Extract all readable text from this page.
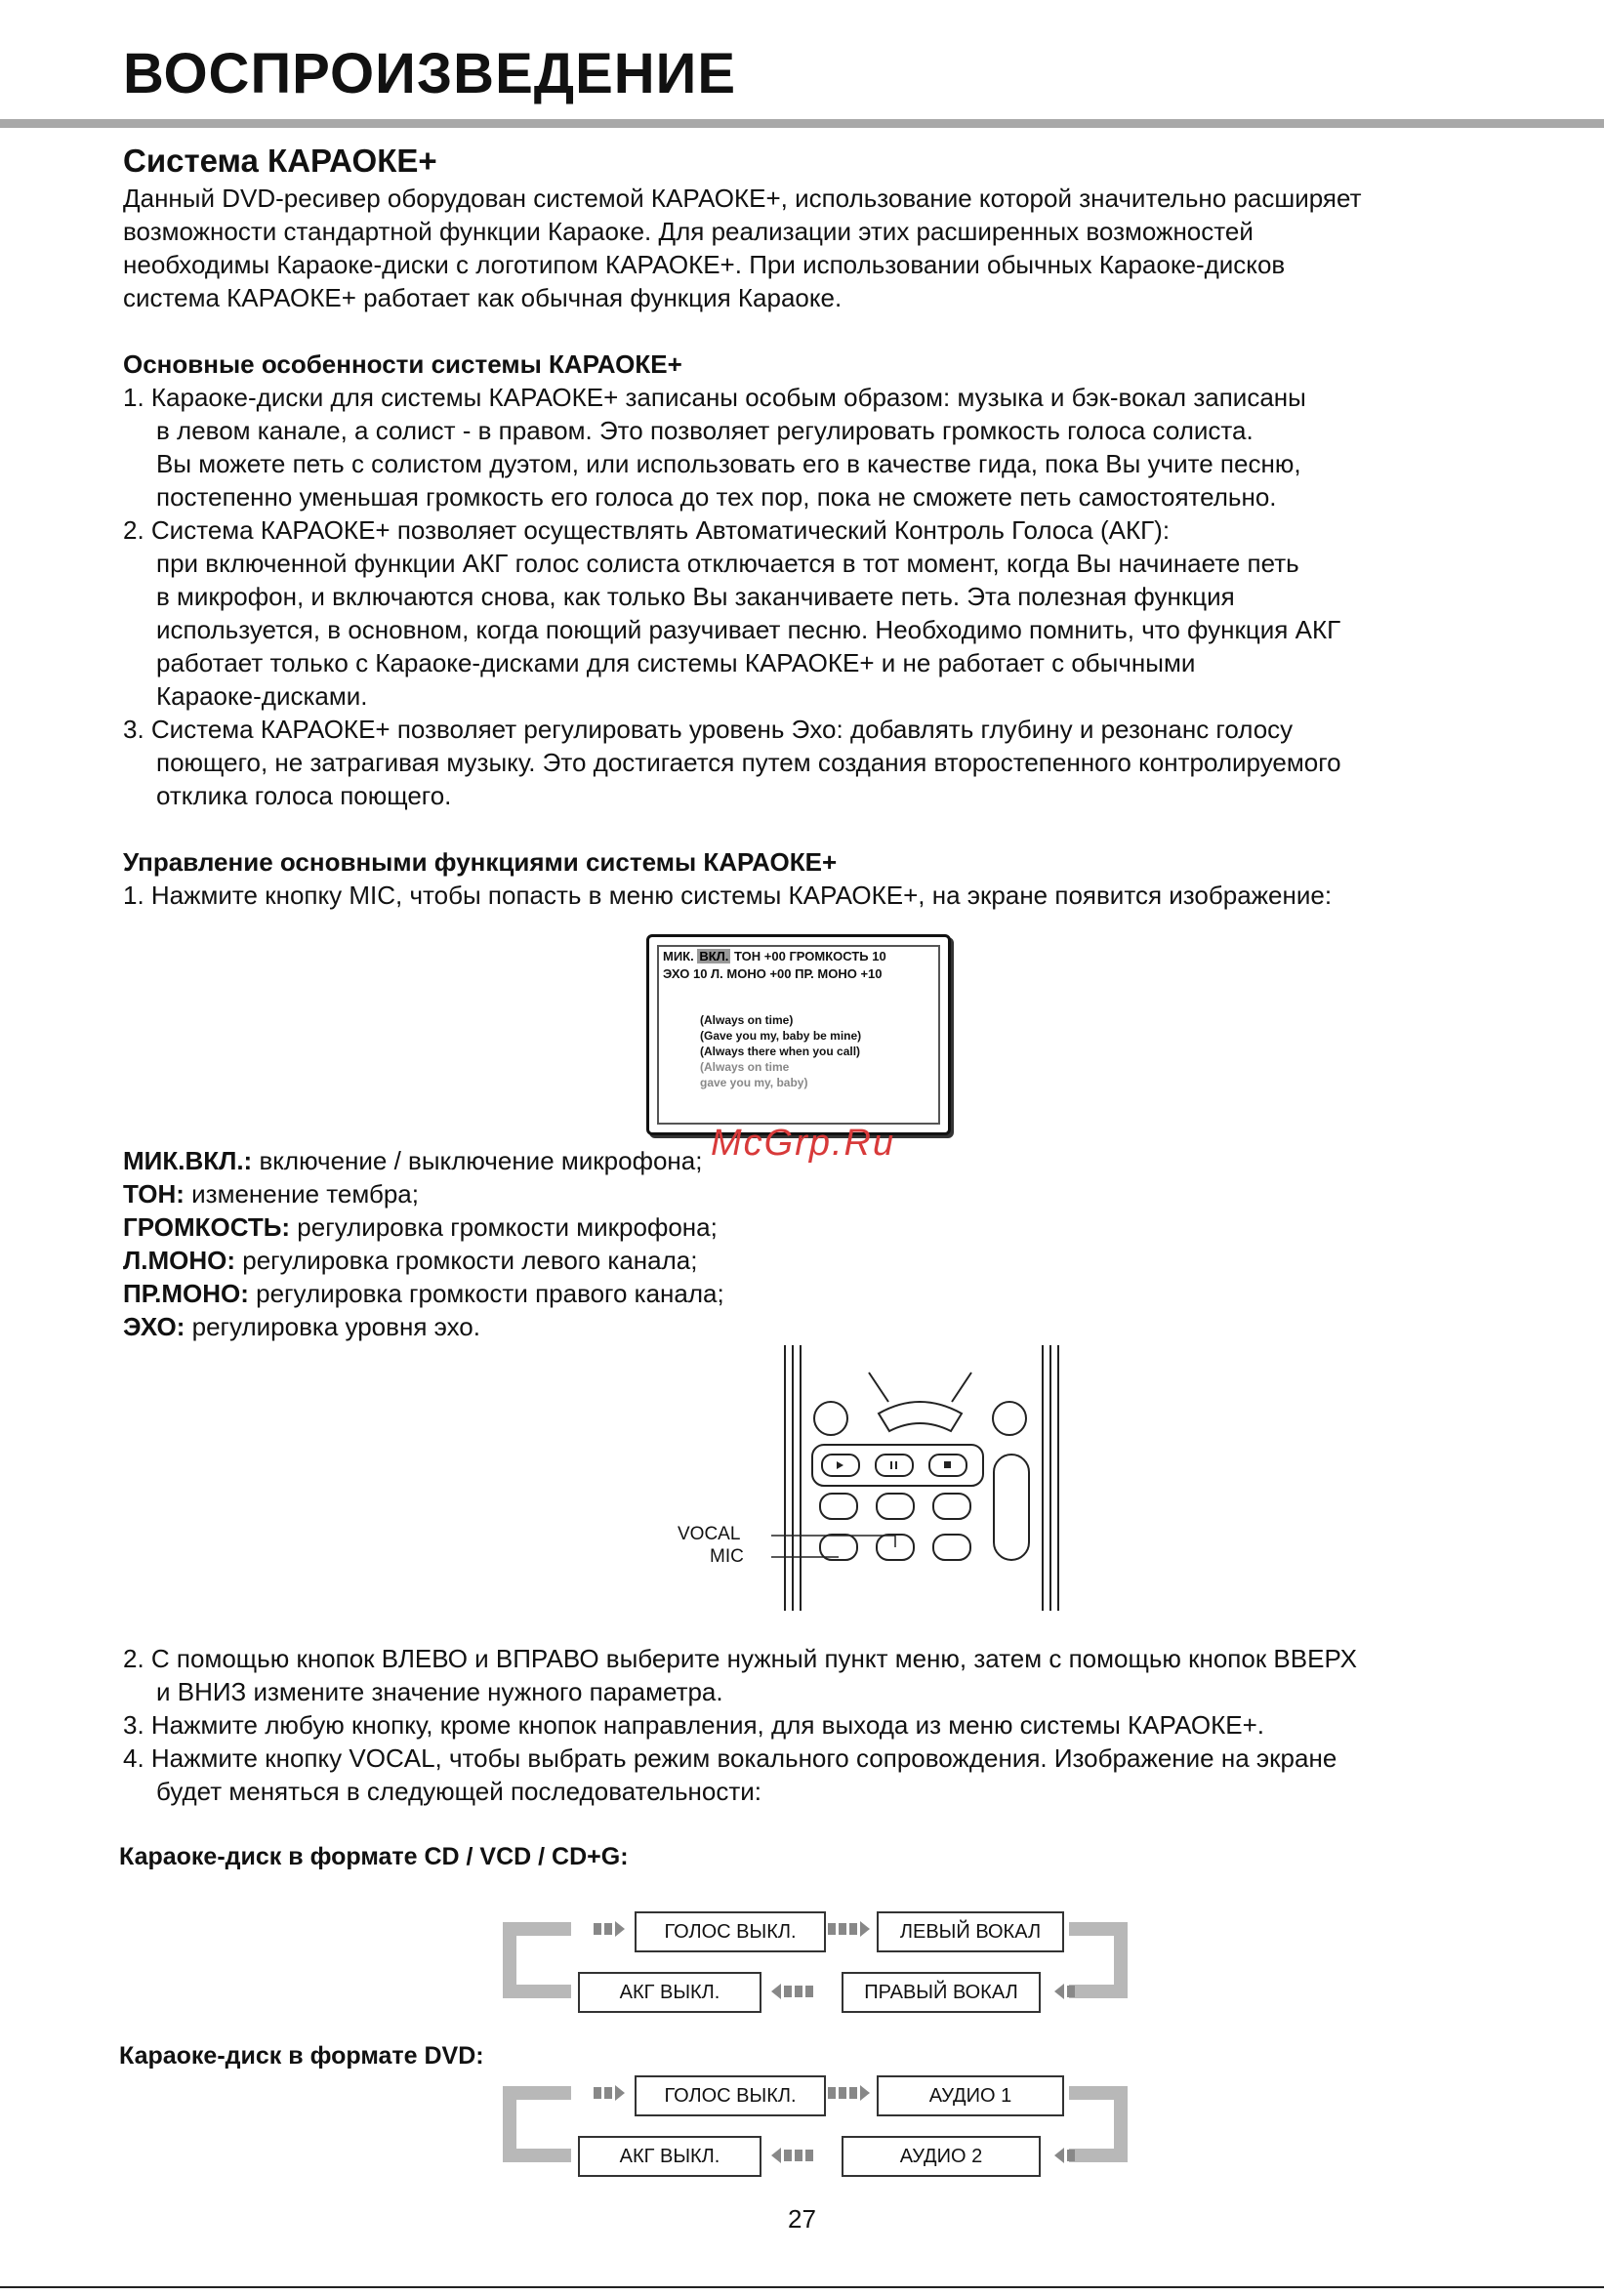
ВОСПРОИЗВЕДЕНИЕ
Система КАРАОКЕ+
Данный DVD-ресивер оборудован системой КАРАОКЕ+, использование которой значительно расширяет
возможности стандартной функции Караоке. Для реализации этих расширенных возможностей
необходимы Караоке-диски с логотипом КАРАОКЕ+. При использовании обычных Караоке-дисков
система КАРАОКЕ+ работает как обычная функция Караоке.
Основные особенности системы КАРАОКЕ+
1. Караоке-диски для системы КАРАОКЕ+ записаны особым образом: музыка и бэк-вокал записаны
в левом канале, а солист - в правом. Это позволяет регулировать громкость голоса солиста.
Вы можете петь с солистом дуэтом, или использовать его в качестве гида, пока Вы учите песню,
постепенно уменьшая громкость его голоса до тех пор, пока не сможете петь самостоятельно.
2. Система КАРАОКЕ+ позволяет осуществлять Автоматический Контроль Голоса (АКГ):
при включенной функции АКГ голос солиста отключается в тот момент, когда Вы начинаете петь
в микрофон, и включаются снова, как только Вы заканчиваете петь. Эта полезная функция
используется, в основном, когда поющий разучивает песню. Необходимо помнить, что функция АКГ
работает только с Караоке-дисками для системы КАРАОКЕ+ и не работает с обычными
Караоке-дисками.
3. Система КАРАОКЕ+ позволяет регулировать уровень Эхо: добавлять глубину и резонанс голосу
поющего, не затрагивая музыку. Это достигается путем создания второстепенного контролируемого
отклика голоса поющего.
Управление основными функциями системы КАРАОКЕ+
1. Нажмите кнопку MIC, чтобы попасть в меню системы КАРАОКЕ+, на экране появится изображение:
МИК. ВКЛ. ТОН +00 ГРОМКОСТЬ 10
ЭХО 10 Л. МОНО +00 ПР. МОНО +10
(Always on time)
(Gave you my, baby be mine)
(Always there when you call)
(Always on time
gave you my, baby)
McGrp.Ru
МИК.ВКЛ.: включение / выключение микрофона;
ТОН: изменение тембра;
ГРОМКОСТЬ: регулировка громкости микрофона;
Л.МОНО: регулировка громкости левого канала;
ПР.МОНО: регулировка громкости правого канала;
ЭХО: регулировка уровня эхо.
VOCAL
MIC
2. С помощью кнопок ВЛЕВО и ВПРАВО выберите нужный пункт меню, затем с помощью кнопок ВВЕРХ
и ВНИЗ измените значение нужного параметра.
3. Нажмите любую кнопку, кроме кнопок направления, для выхода из меню системы КАРАОКЕ+.
4. Нажмите кнопку VOCAL, чтобы выбрать режим вокального сопровождения. Изображение на экране
будет меняться в следующей последовательности:
Караоке-диск в формате CD / VCD / CD+G:
ГОЛОС ВЫКЛ.	ЛЕВЫЙ ВОКАЛ
АКГ ВЫКЛ.	ПРАВЫЙ ВОКАЛ
Караоке-диск в формате DVD:
ГОЛОС ВЫКЛ.	АУДИО 1
АКГ ВЫКЛ.	АУДИО 2
27
